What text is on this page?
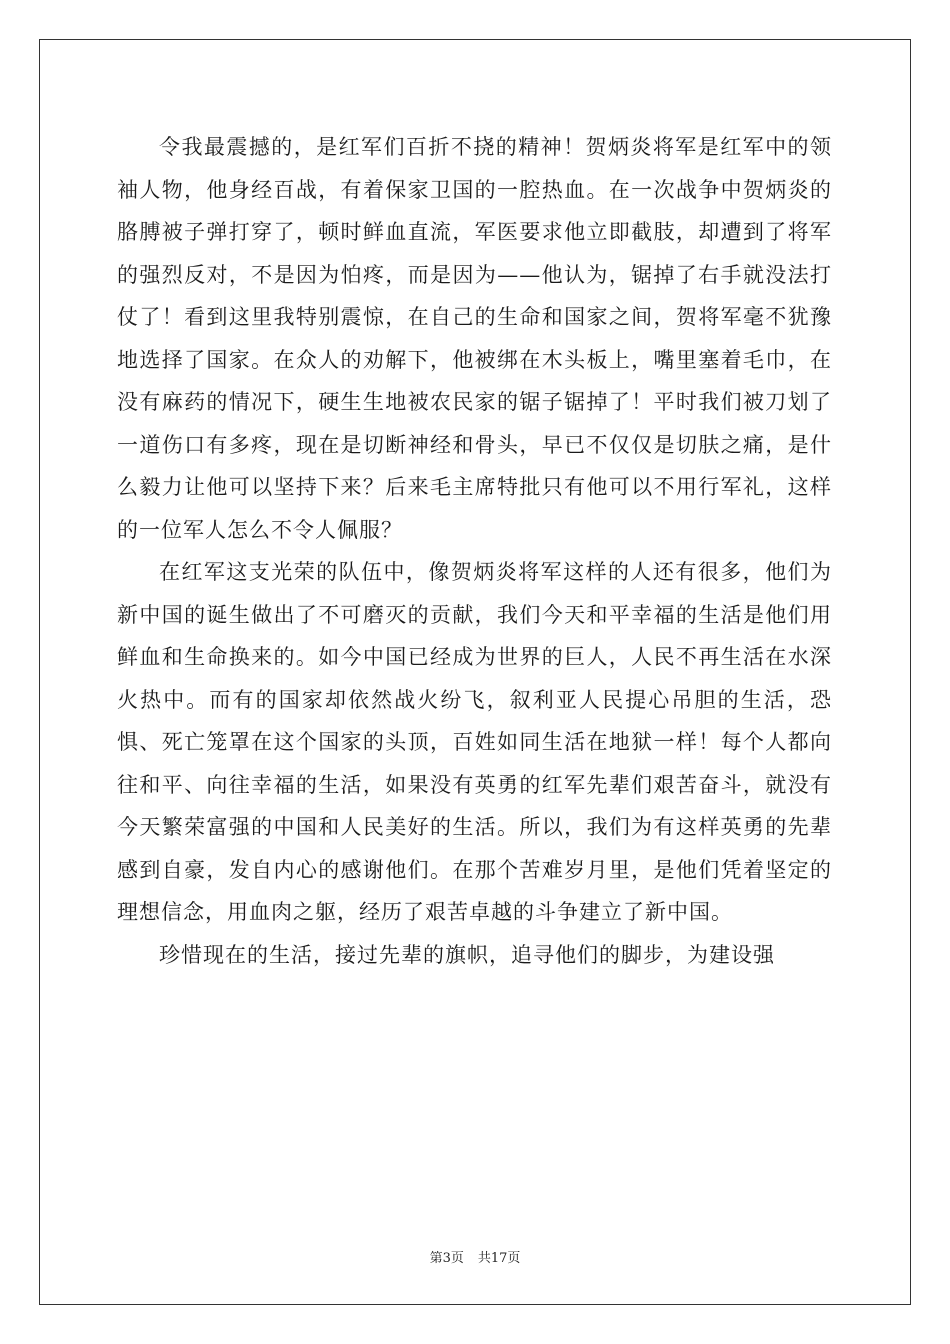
令我最震撼的，是红军们百折不挠的精神！贺炳炎将军是红军中的领袖人物，他身经百战，有着保家卫国的一腔热血。在一次战争中贺炳炎的胳膊被子弹打穿了，顿时鲜血直流，军医要求他立即截肢，却遭到了将军的强烈反对，不是因为怕疼，而是因为——他认为，锯掉了右手就没法打仗了！看到这里我特别震惊，在自己的生命和国家之间，贺将军毫不犹豫地选择了国家。在众人的劝解下，他被绑在木头板上，嘴里塞着毛巾，在没有麻药的情况下，硬生生地被农民家的锯子锯掉了！平时我们被刀划了一道伤口有多疼，现在是切断神经和骨头，早已不仅仅是切肤之痛，是什么毅力让他可以坚持下来？后来毛主席特批只有他可以不用行军礼，这样的一位军人怎么不令人佩服？

在红军这支光荣的队伍中，像贺炳炎将军这样的人还有很多，他们为新中国的诞生做出了不可磨灭的贡献，我们今天和平幸福的生活是他们用鲜血和生命换来的。如今中国已经成为世界的巨人，人民不再生活在水深火热中。而有的国家却依然战火纷飞，叙利亚人民提心吊胆的生活，恐惧、死亡笼罩在这个国家的头顶，百姓如同生活在地狱一样！每个人都向往和平、向往幸福的生活，如果没有英勇的红军先辈们艰苦奋斗，就没有今天繁荣富强的中国和人民美好的生活。所以，我们为有这样英勇的先辈感到自豪，发自内心的感谢他们。在那个苦难岁月里，是他们凭着坚定的理想信念，用血肉之躯，经历了艰苦卓越的斗争建立了新中国。

珍惜现在的生活，接过先辈的旗帜，追寻他们的脚步，为建设强

第3页 共17页
